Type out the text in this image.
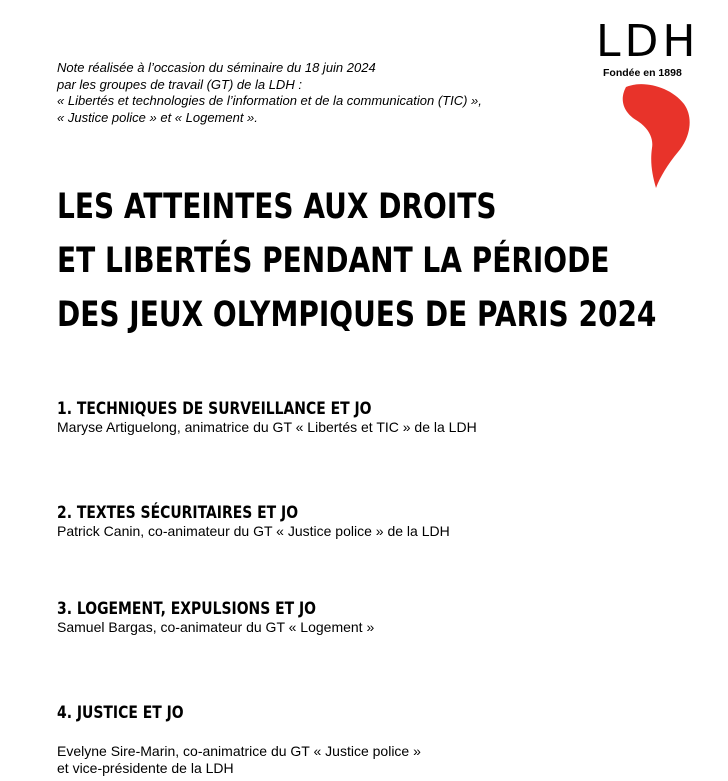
Note réalisée à l’occasion du séminaire du 18 juin 2024
par les groupes de travail (GT) de la LDH :
« Libertés et technologies de l’information et de la communication (TIC) »,
« Justice police » et « Logement ».
LDH
Fondée en 1898
LES ATTEINTES AUX DROITS
ET LIBERTÉS PENDANT LA PÉRIODE
DES JEUX OLYMPIQUES DE PARIS 2024
1. TECHNIQUES DE SURVEILLANCE ET JO
Maryse Artiguelong, animatrice du GT « Libertés et TIC » de la LDH
2. TEXTES SÉCURITAIRES ET JO
Patrick Canin, co-animateur du GT « Justice police » de la LDH
3. LOGEMENT, EXPULSIONS ET JO
Samuel Bargas, co-animateur du GT « Logement »
4. JUSTICE ET JO
Evelyne Sire-Marin, co-animatrice du GT « Justice police »
et vice-présidente de la LDH
